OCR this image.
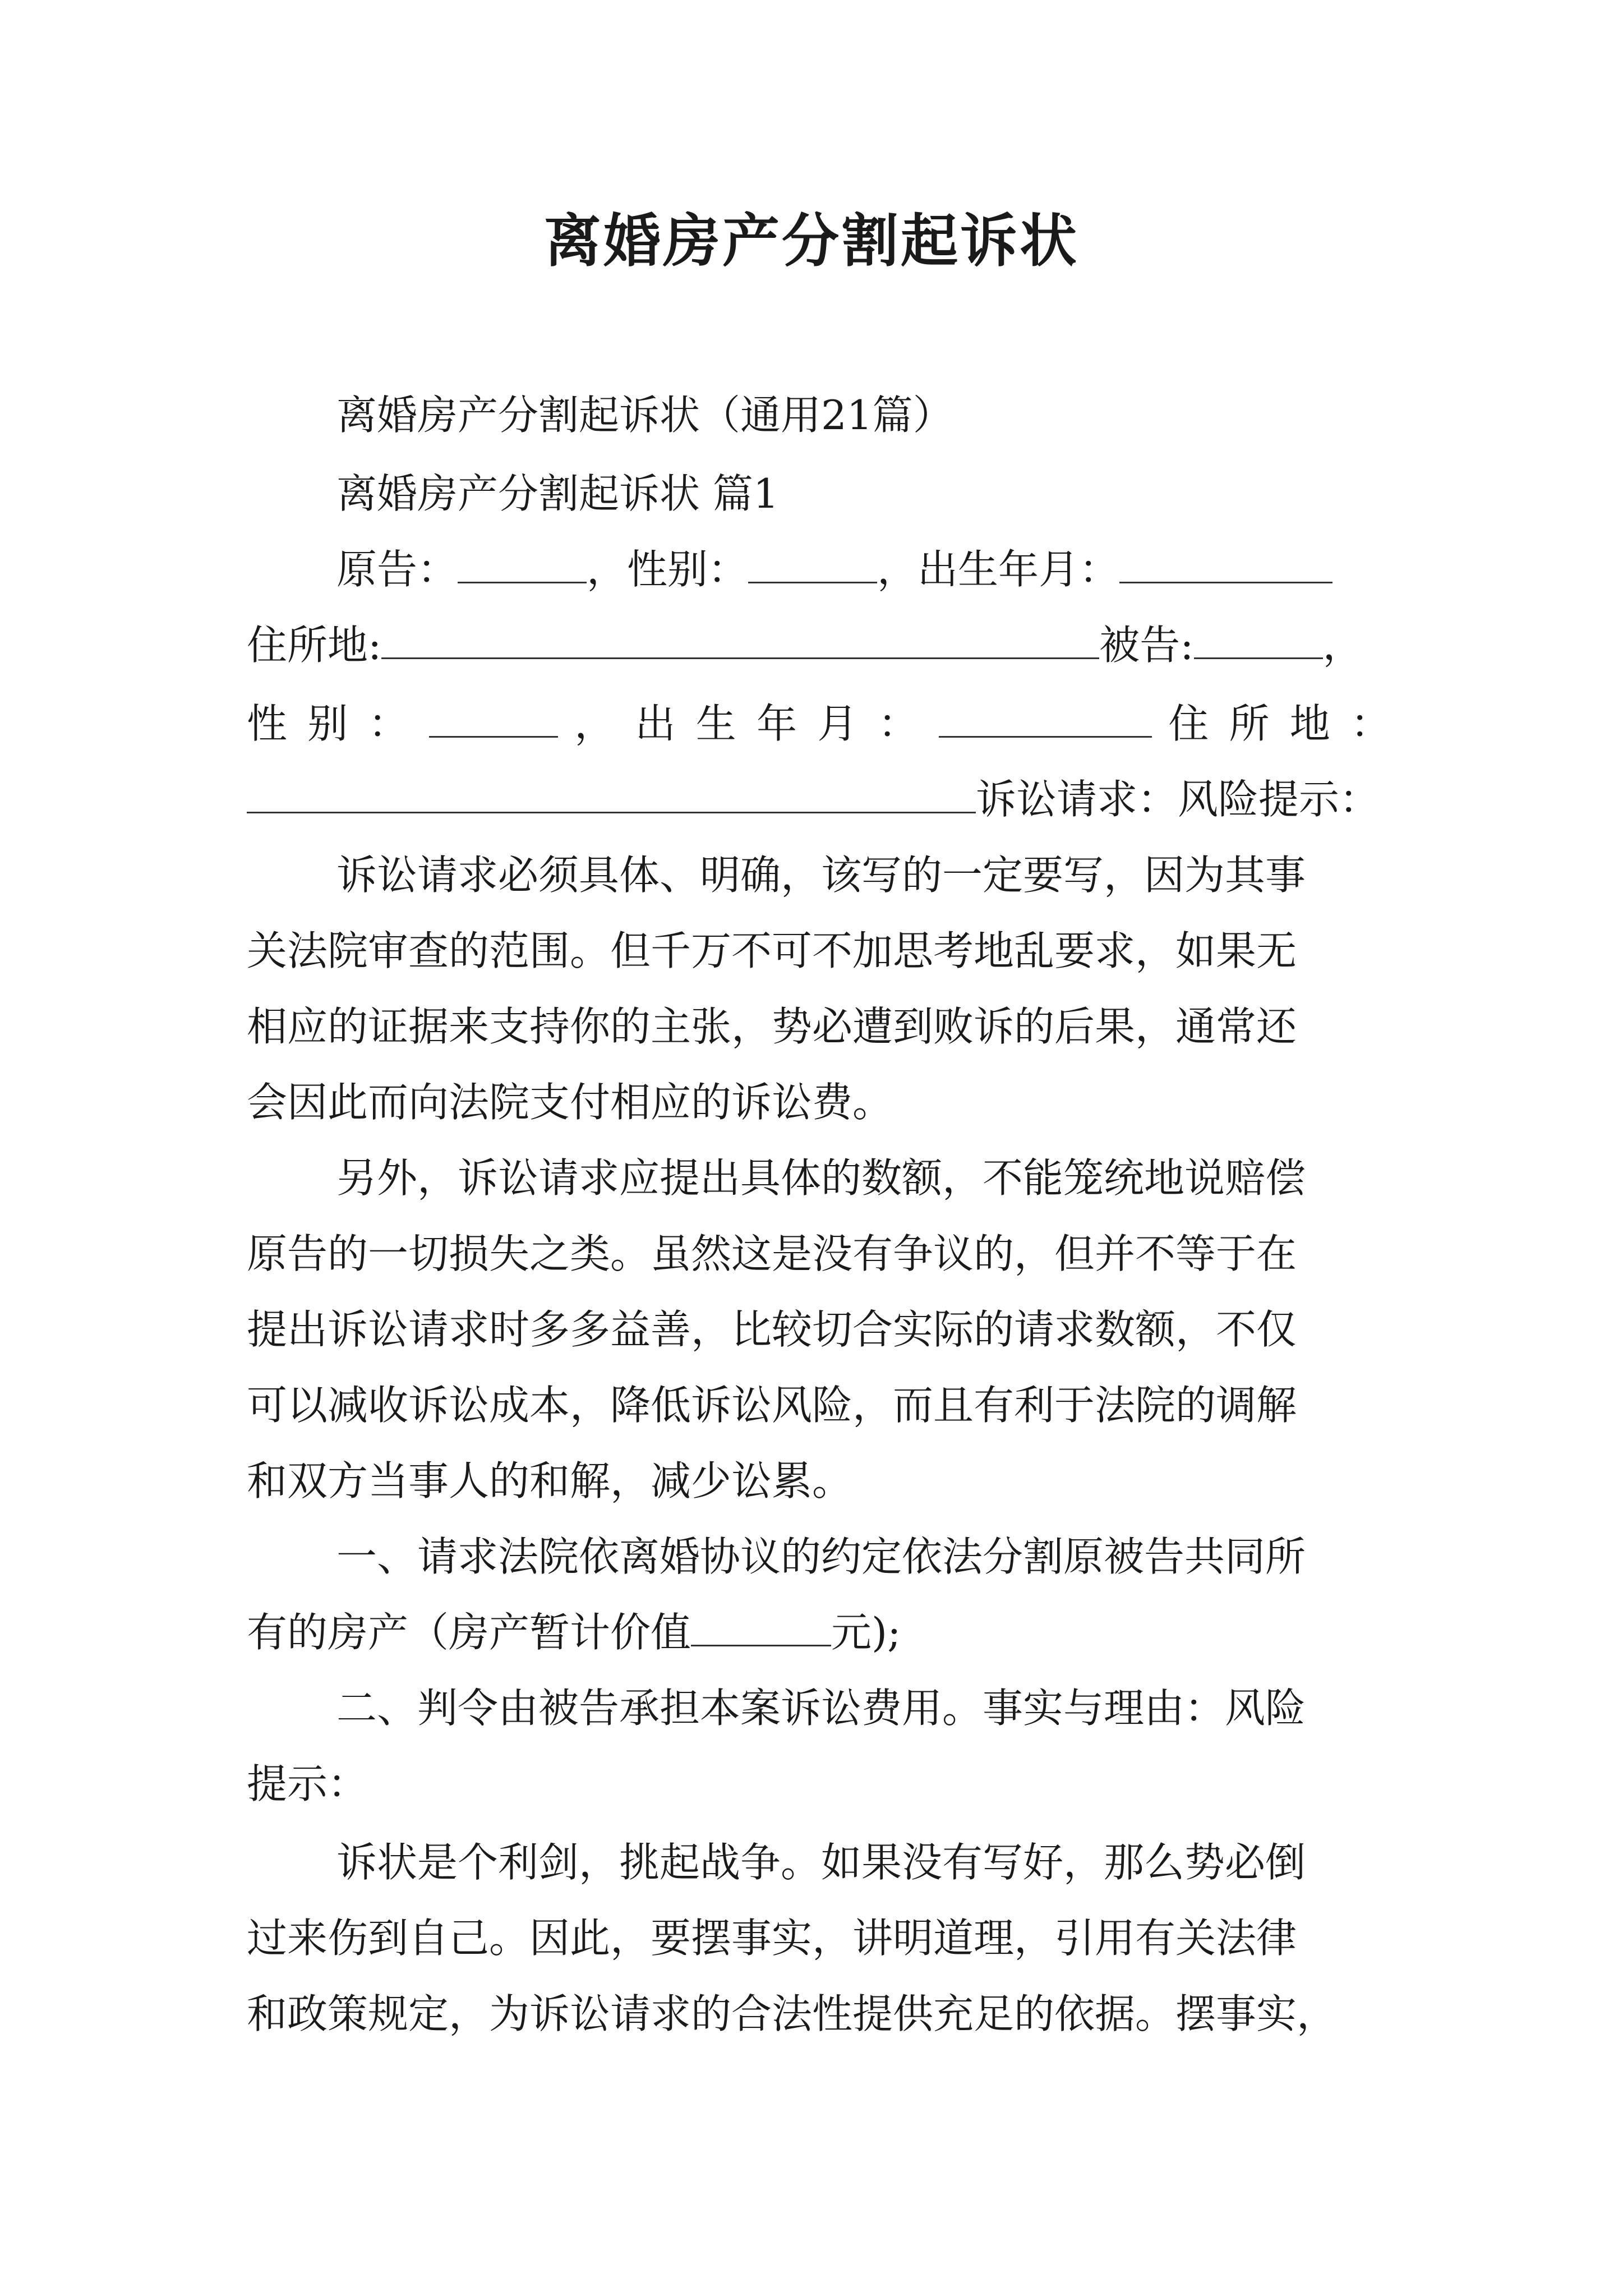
离婚房产分割起诉状
离婚房产分割起诉状（通用21篇）
离婚房产分割起诉状 篇1
原告：	，性别：	，出生年月：
住所地:	被告:	，
性 别 ：	， 出 生 年 月 ：	住 所 地 ：
诉讼请求：风险提示：
诉讼请求必须具体、明确，该写的一定要写，因为其事
关法院审查的范围。但千万不可不加思考地乱要求，如果无
相应的证据来支持你的主张，势必遭到败诉的后果，通常还
会因此而向法院支付相应的诉讼费。
另外，诉讼请求应提出具体的数额，不能笼统地说赔偿
原告的一切损失之类。虽然这是没有争议的，但并不等于在
提出诉讼请求时多多益善，比较切合实际的请求数额，不仅
可以减收诉讼成本，降低诉讼风险，而且有利于法院的调解
和双方当事人的和解，减少讼累。
一、请求法院依离婚协议的约定依法分割原被告共同所
有的房产（房产暂计价值	元);
二、判令由被告承担本案诉讼费用。事实与理由：风险
提示：
诉状是个利剑，挑起战争。如果没有写好，那么势必倒
过来伤到自己。因此，要摆事实，讲明道理，引用有关法律
和政策规定，为诉讼请求的合法性提供充足的依据。摆事实，
